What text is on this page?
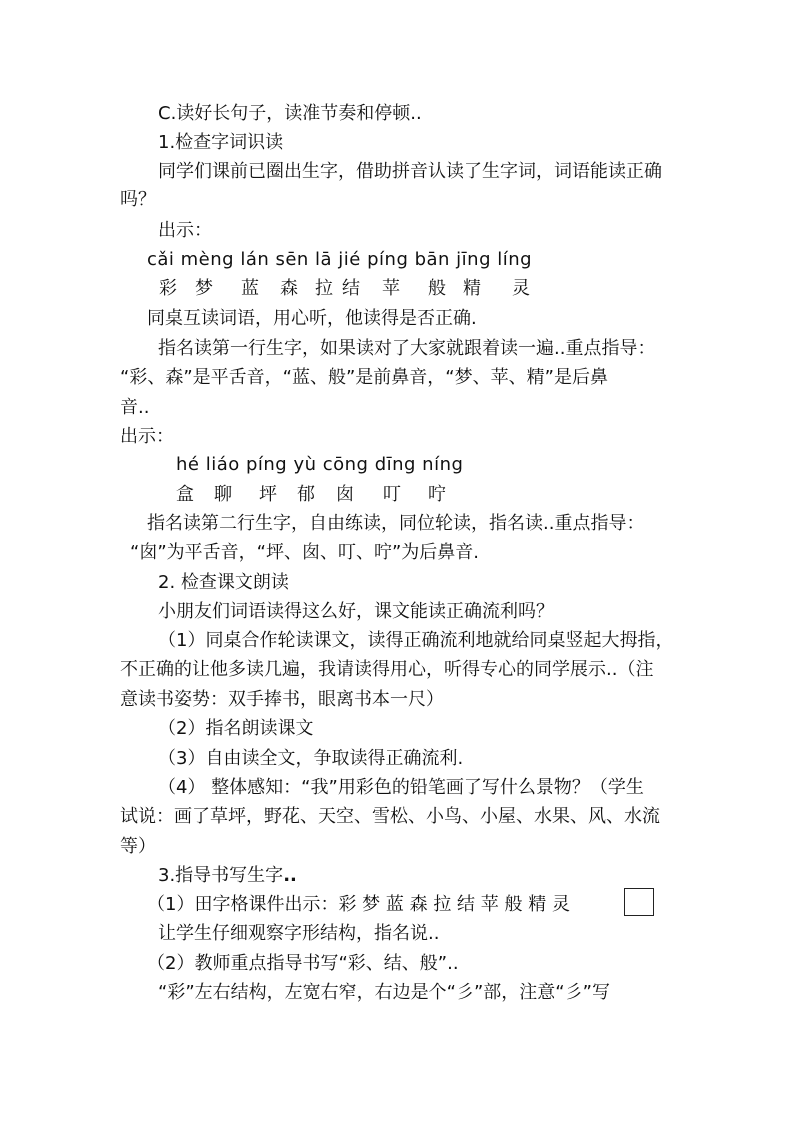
C.读好长句子，读准节奏和停顿..
1.检查字词识读
同学们课前已圈出生字，借助拼音认读了生字词，词语能读正确
吗？
出示：
cǎi mèng lán sēn lā jié píng bān jīng líng
彩 梦 蓝 森 拉 结 苹 般 精 灵
同桌互读词语，用心听，他读得是否正确.
指名读第一行生字，如果读对了大家就跟着读一遍..重点指导：
“彩、森”是平舌音，“蓝、般”是前鼻音，“梦、苹、精”是后鼻
音..
出示：
hé liáo píng yù cōng dīng níng
盒 聊 坪 郁 囱 叮 咛
指名读第二行生字，自由练读，同位轮读，指名读..重点指导：
“囱”为平舌音，“坪、囱、叮、咛”为后鼻音.
2. 检查课文朗读
小朋友们词语读得这么好，课文能读正确流利吗？
（1）同桌合作轮读课文，读得正确流利地就给同桌竖起大拇指，
不正确的让他多读几遍，我请读得用心，听得专心的同学展示..（注
意读书姿势：双手捧书，眼离书本一尺）
（2）指名朗读课文
（3）自由读全文，争取读得正确流利.
（4） 整体感知：“我”用彩色的铅笔画了写什么景物？（学生
试说：画了草坪，野花、天空、雪松、小鸟、小屋、水果、风、水流
等）
3.指导书写生字..
（1）田字格课件出示：彩 梦 蓝 森 拉 结 苹 般 精 灵
让学生仔细观察字形结构，指名说..
（2）教师重点指导书写“彩、结、般”..
“彩”左右结构，左宽右窄，右边是个“彡”部，注意“彡”写
